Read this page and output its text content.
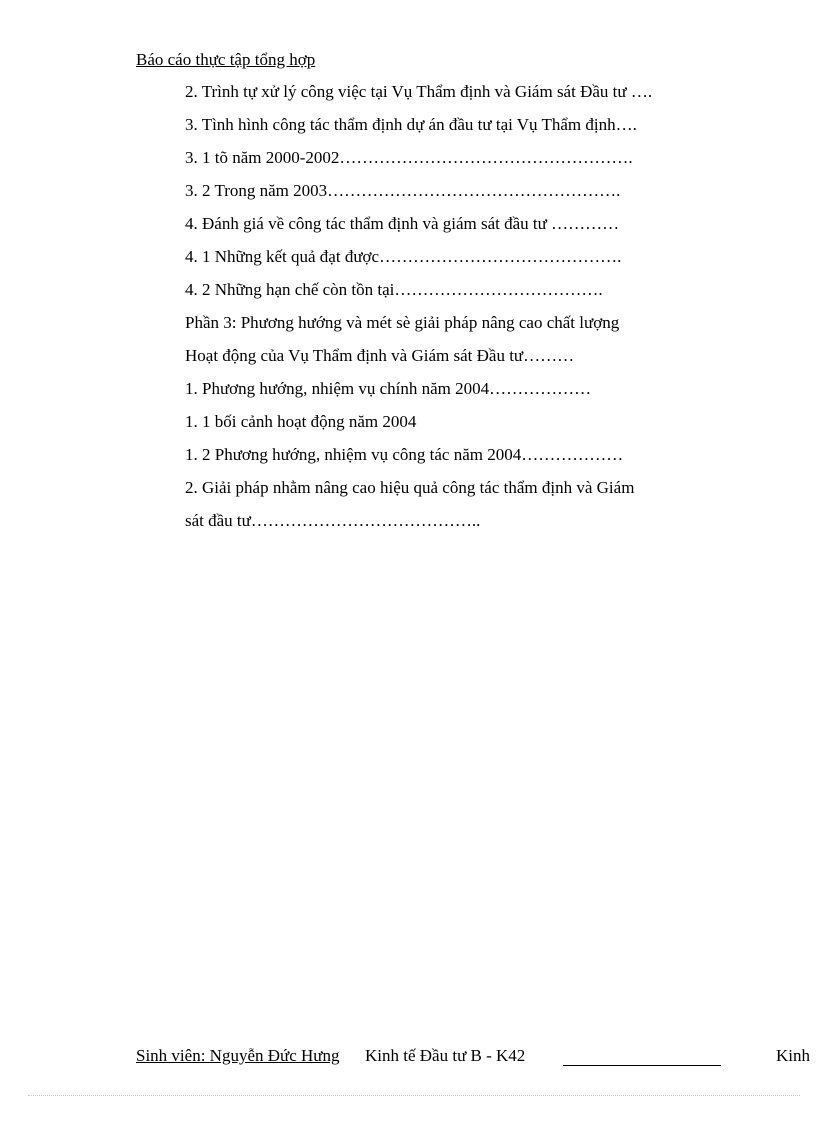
Báo cáo thực tập tổng hợp
2. Trình tự xử lý công việc tại Vụ Thẩm định và Giám sát Đầu tư ….
3. Tình hình công tác thẩm định dự án đầu tư tại Vụ Thẩm định….
3. 1 tõ năm 2000-2002…………………………………………….
3. 2 Trong năm 2003…………………………………………….
4. Đánh giá về công tác thẩm định và giám sát đầu tư …………
4. 1 Những kết quả đạt được…………………………………….
4. 2 Những hạn chế còn tồn tại……………………………….
Phần 3: Phương hướng và mét sè giải pháp nâng cao chất lượng
Hoạt động của Vụ Thẩm định và Giám sát Đầu tư………
1. Phương hướng, nhiệm vụ chính năm 2004………………
1. 1 bối cảnh hoạt động năm 2004
1. 2 Phương hướng, nhiệm vụ công tác năm 2004………………
2. Giải pháp nhằm nâng cao hiệu quả công tác thẩm định và Giám
sát đầu tư…………………………………..
Sinh viên: Nguyễn Đức Hưng Kinh tế Đầu tư B - K42	Kinh
